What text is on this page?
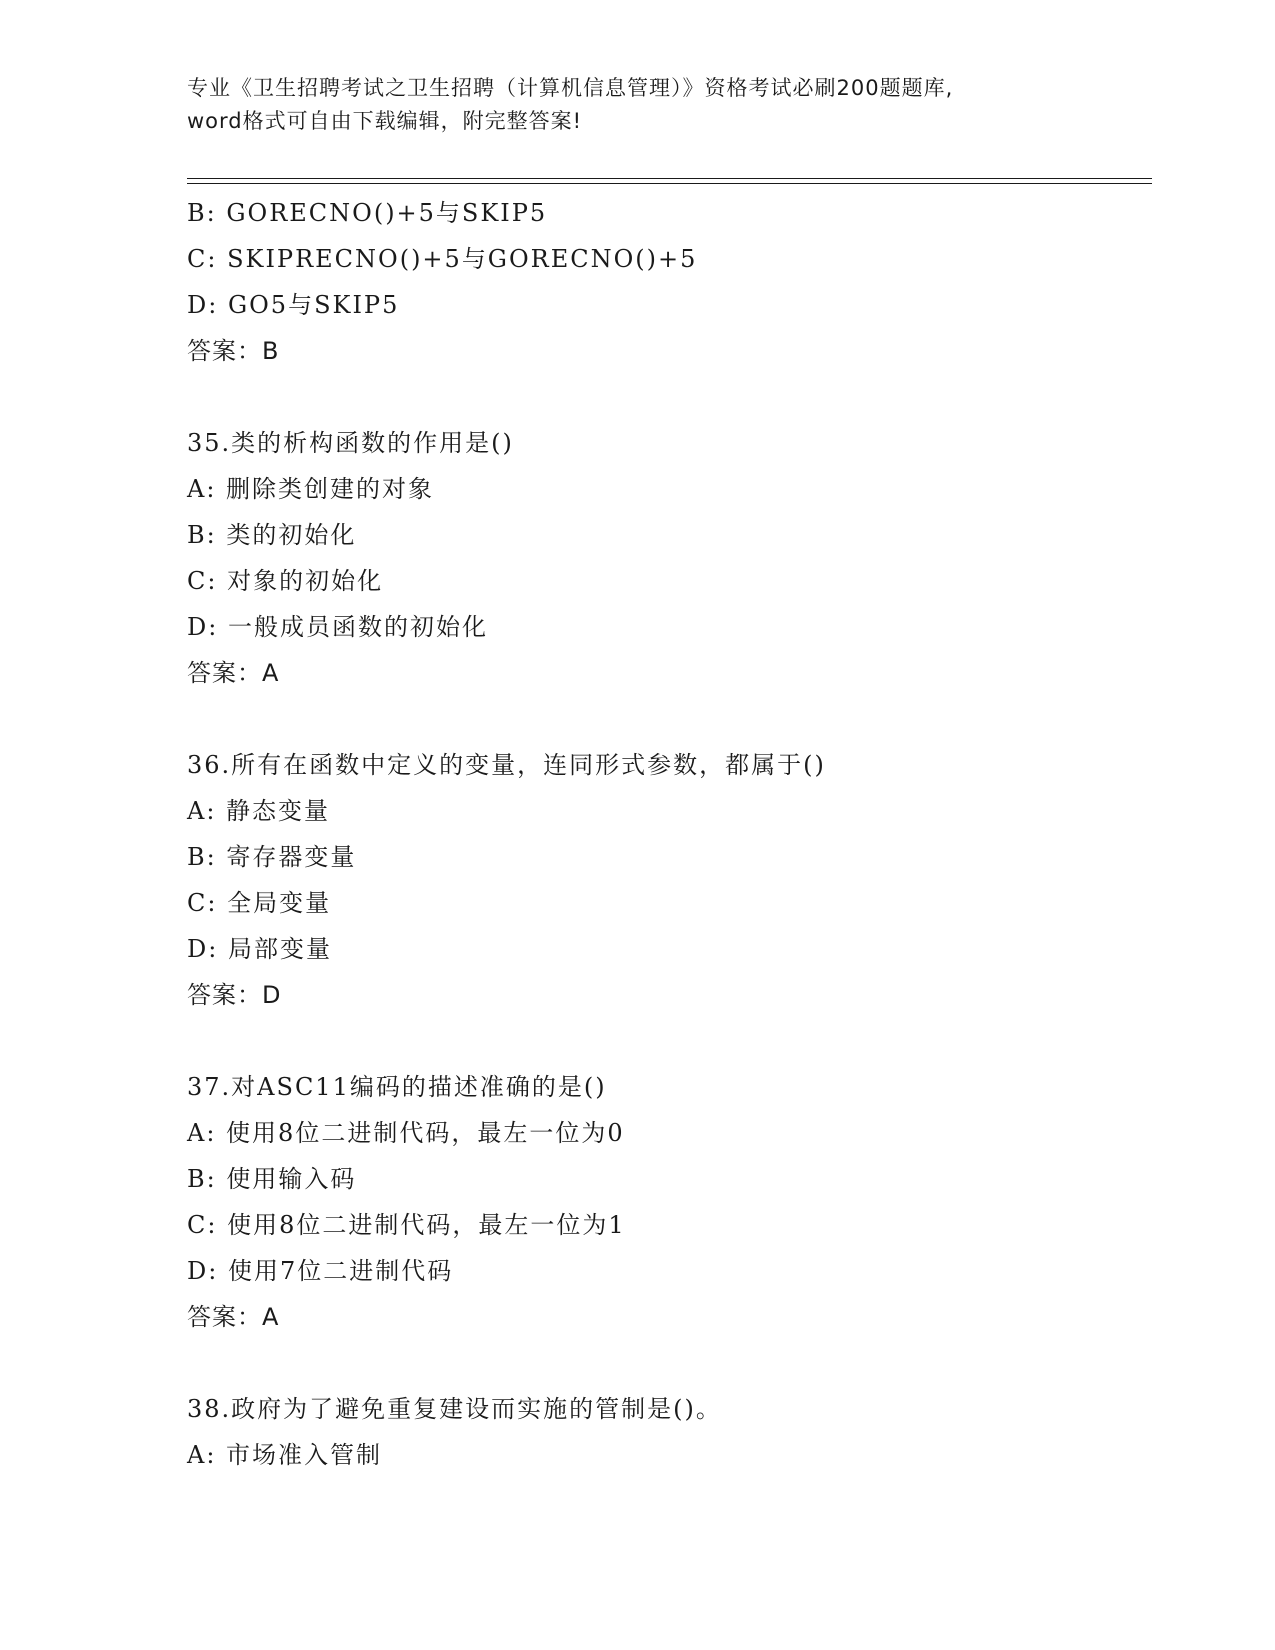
专业《卫生招聘考试之卫生招聘（计算机信息管理）》资格考试必刷200题题库,
word格式可自由下载编辑，附完整答案!
B: GORECNO()+5与SKIP5
C: SKIPRECNO()+5与GORECNO()+5
D: GO5与SKIP5
答案：B
35.类的析构函数的作用是()
A: 删除类创建的对象
B: 类的初始化
C: 对象的初始化
D: 一般成员函数的初始化
答案：A
36.所有在函数中定义的变量，连同形式参数，都属于()
A: 静态变量
B: 寄存器变量
C: 全局变量
D: 局部变量
答案：D
37.对ASC11编码的描述准确的是()
A: 使用8位二进制代码，最左一位为0
B: 使用输入码
C: 使用8位二进制代码，最左一位为1
D: 使用7位二进制代码
答案：A
38.政府为了避免重复建设而实施的管制是()。
A: 市场准入管制
